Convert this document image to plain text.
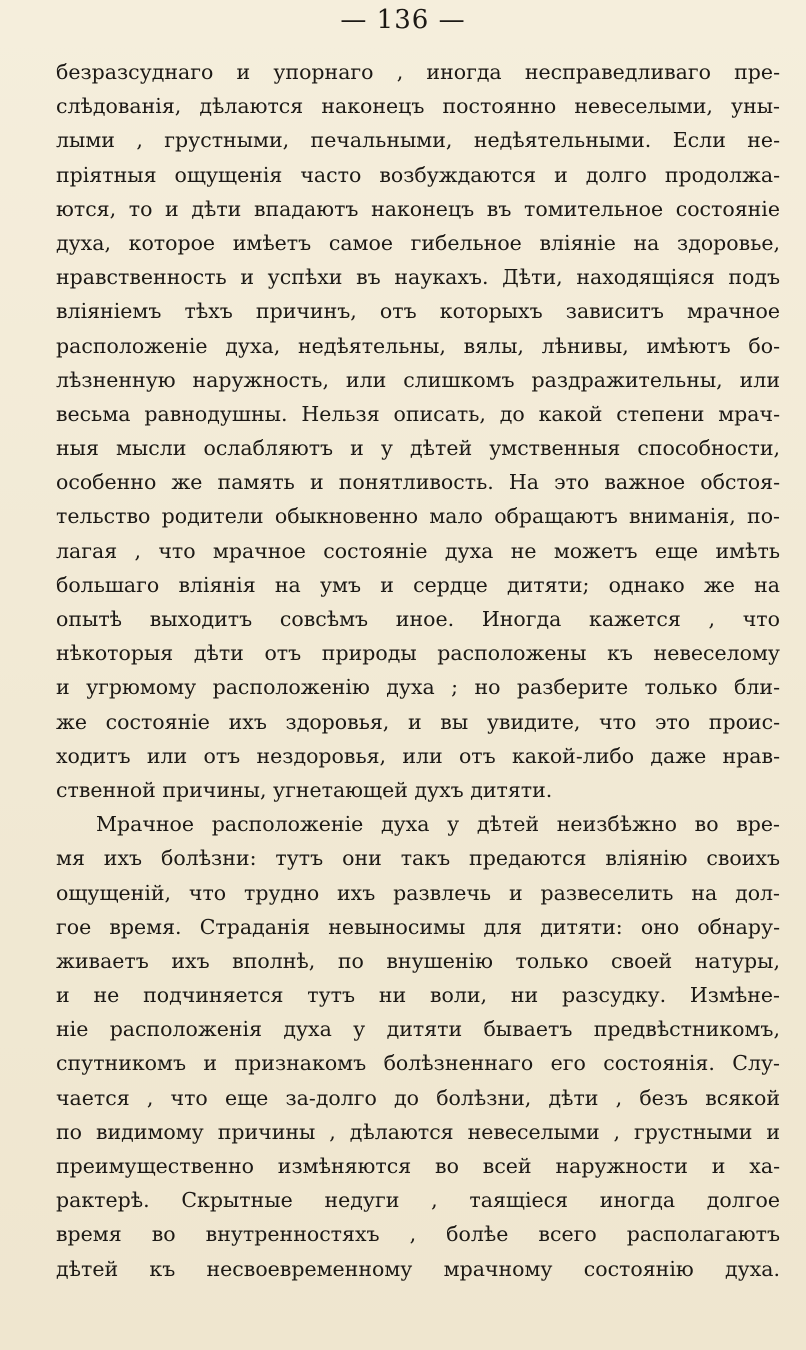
— 136 —
безразсуднаго и упорнаго , иногда несправедливаго пре-
слѣдованія, дѣлаются наконецъ постоянно невеселыми, уны-
лыми , грустными, печальными, недѣятельными. Если не-
пріятныя ощущенія часто возбуждаются и долго продолжа-
ются, то и дѣти впадаютъ наконецъ въ томительное состояніе
духа, которое имѣетъ самое гибельное вліяніе на здоровье,
нравственность и успѣхи въ наукахъ. Дѣти, находящіяся подъ
вліяніемъ тѣхъ причинъ, отъ которыхъ зависитъ мрачное
расположеніе духа, недѣятельны, вялы, лѣнивы, имѣютъ бо-
лѣзненную наружность, или слишкомъ раздражительны, или
весьма равнодушны. Нельзя описать, до какой степени мрач-
ныя мысли ослабляютъ и у дѣтей умственныя способности,
особенно же память и понятливость. На это важное обстоя-
тельство родители обыкновенно мало обращаютъ вниманія, по-
лагая , что мрачное состояніе духа не можетъ еще имѣть
большаго вліянія на умъ и сердце дитяти; однако же на
опытѣ выходитъ совсѣмъ иное. Иногда кажется , что
нѣкоторыя дѣти отъ природы расположены къ невеселому
и угрюмому расположенію духа ; но разберите только бли-
же состояніе ихъ здоровья, и вы увидите, что это проис-
ходитъ или отъ нездоровья, или отъ какой-либо даже нрав-
ственной причины, угнетающей духъ дитяти.
Мрачное расположеніе духа у дѣтей неизбѣжно во вре-
мя ихъ болѣзни: тутъ они такъ предаются вліянію своихъ
ощущеній, что трудно ихъ развлечь и развеселить на дол-
гое время. Страданія невыносимы для дитяти: оно обнару-
живаетъ ихъ вполнѣ, по внушенію только своей натуры,
и не подчиняется тутъ ни воли, ни разсудку. Измѣне-
ніе расположенія духа у дитяти бываетъ предвѣстникомъ,
спутникомъ и признакомъ болѣзненнаго его состоянія. Слу-
чается , что еще за-долго до болѣзни, дѣти , безъ всякой
по видимому причины , дѣлаются невеселыми , грустными и
преимущественно измѣняются во всей наружности и ха-
рактерѣ. Скрытные недуги , таящіеся иногда долгое
время во внутренностяхъ , болѣе всего располагаютъ
дѣтей къ несвоевременному мрачному состоянію духа.
